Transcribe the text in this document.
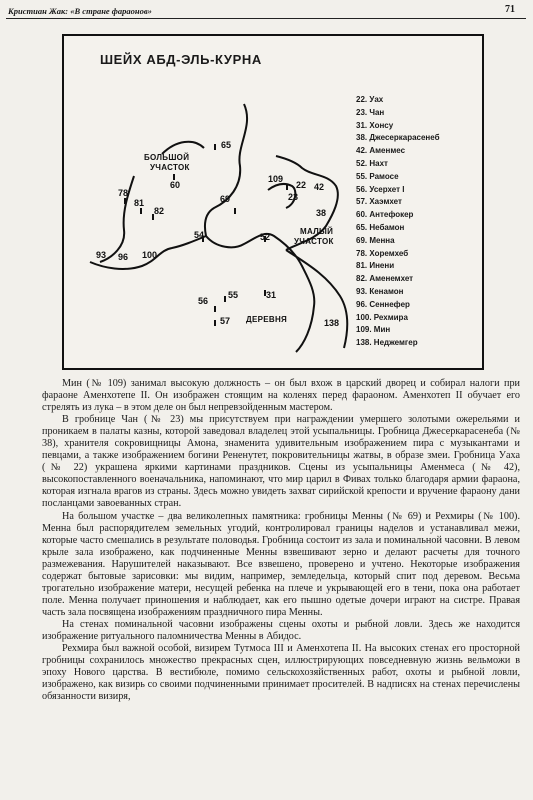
Кристиан Жак: «В стране фараонов»	71
ШЕЙХ АБД-ЭЛЬ-КУРНА
65
60
78
81
82
54
69
93 96 100
109
22 42
23
38
52
56
55	31
57	138
БОЛЬШОЙ
УЧАСТОК
МАЛЫЙ
УЧАСТОК
ДЕРЕВНЯ
22. Уах
23. Чан
31. Хонсу
38. Джесеркарасенеб
42. Аменмес
52. Нахт
55. Рамосе
56. Усерхет I
57. Хаэмхет
60. Антефокер
65. Небамон
69. Менна
78. Хоремхеб
81. Инени
82. Аменемхет
93. Кенамон
96. Сеннефер
100. Рехмира
109. Мин
138. Неджемгер

Мин (№ 109) занимал высокую должность – он был вхож в царский дворец и собирал налоги при фараоне Аменхотепе II. Он изображен стоящим на коленях перед фараоном. Аменхотеп II обучает его стрелять из лука – в этом деле он был непревзойденным мастером.

В гробнице Чан (№ 23) мы присутствуем при награждении умершего золотыми ожерельями и проникаем в палаты казны, которой заведовал владелец этой усыпальницы. Гробница Джесеркарасенеба (№ 38), хранителя сокровищницы Амона, знаменита удивительным изображением пира с музыкантами и певцами, а также изображением богини Рененутет, покровительницы жатвы, в образе змеи. Гробница Уаха (№ 22) украшена яркими картинами праздников. Сцены из усыпальницы Аменмеса (№ 42), высокопоставленного военачальника, напоминают, что мир царил в Фивах только благодаря армии фараона, которая изгнала врагов из страны. Здесь можно увидеть захват сирийской крепости и вручение фараону дани посланцами завоеванных стран.

На большом участке – два великолепных памятника: гробницы Менны (№ 69) и Рехмиры (№ 100). Менна был распорядителем земельных угодий, контролировал границы наделов и устанавливал межи, которые часто смешались в результате половодья. Гробница состоит из зала и поминальной часовни. В левом крыле зала изображено, как подчиненные Менны взвешивают зерно и делают расчеты для точного размежевания. Нарушителей наказывают. Все взвешено, проверено и учтено. Некоторые изображения содержат бытовые зарисовки: мы видим, например, земледельца, который спит под деревом. Весьма трогательно изображение матери, несущей ребенка на плече и укрывающей его в тени, пока она работает поле. Менна получает приношения и наблюдает, как его пышно одетые дочери играют на систре. Правая часть зала посвящена изображениям праздничного пира Менны.

На стенах поминальной часовни изображены сцены охоты и рыбной ловли. Здесь же находится изображение ритуального паломничества Менны в Абидос.

Рехмира был важной особой, визирем Тутмоса III и Аменхотепа II. На высоких стенах его просторной гробницы сохранилось множество прекрасных сцен, иллюстрирующих повседневную жизнь вельможи в эпоху Нового царства. В вестибюле, помимо сельскохозяйственных работ, охоты и рыбной ловли, изображено, как визирь со своими подчиненными принимает просителей. В надписях на стенах перечислены обязанности визиря,
